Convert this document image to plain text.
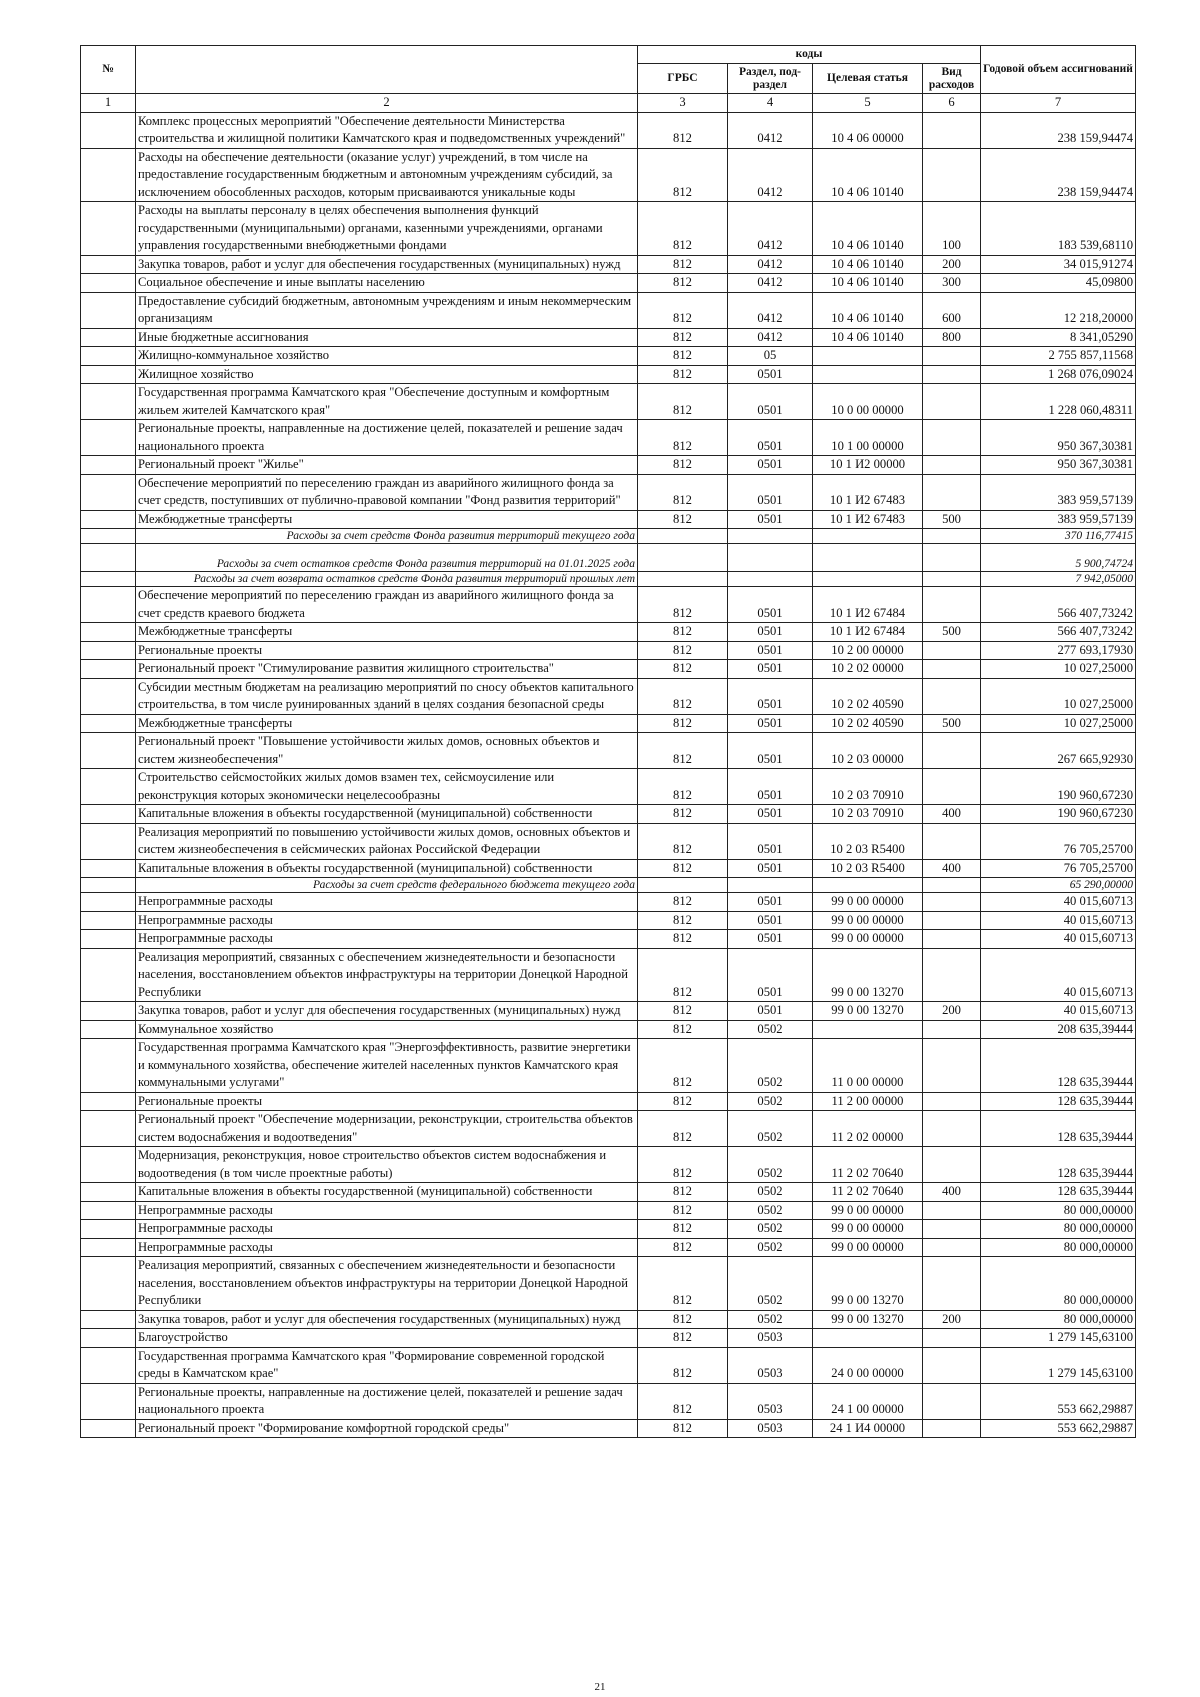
№		коды				Годовой объем ассигнований
		ГРБС	Раздел, под-раздел	Целевая статья	Вид расходов	
1	2	3	4	5	6	7
	Комплекс процессных мероприятий "Обеспечение деятельности Министерства строительства и жилищной политики Камчатского края и подведомственных учреждений"	812	0412	10 4 06 00000		238 159,94474
	Расходы на обеспечение деятельности (оказание услуг) учреждений, в том числе на предоставление государственным бюджетным и автономным учреждениям субсидий, за исключением обособленных расходов, которым присваиваются уникальные коды	812	0412	10 4 06 10140		238 159,94474
	Расходы на выплаты персоналу в целях обеспечения выполнения функций государственными (муниципальными) органами, казенными учреждениями, органами управления государственными внебюджетными фондами	812	0412	10 4 06 10140	100	183 539,68110
	Закупка товаров, работ и услуг для обеспечения государственных (муниципальных) нужд	812	0412	10 4 06 10140	200	34 015,91274
	Социальное обеспечение и иные выплаты населению	812	0412	10 4 06 10140	300	45,09800
	Предоставление субсидий бюджетным, автономным учреждениям и иным некоммерческим организациям	812	0412	10 4 06 10140	600	12 218,20000
	Иные бюджетные ассигнования	812	0412	10 4 06 10140	800	8 341,05290
	Жилищно-коммунальное хозяйство	812	05			2 755 857,11568
	Жилищное хозяйство	812	0501			1 268 076,09024
	Государственная программа Камчатского края "Обеспечение доступным и комфортным жильем жителей Камчатского края"	812	0501	10 0 00 00000		1 228 060,48311
	Региональные проекты, направленные на достижение целей, показателей и решение задач национального проекта	812	0501	10 1 00 00000		950 367,30381
	Региональный проект "Жилье"	812	0501	10 1 И2 00000		950 367,30381
	Обеспечение мероприятий по переселению граждан из аварийного жилищного фонда за счет средств, поступивших от публично-правовой компании "Фонд развития территорий"	812	0501	10 1 И2 67483		383 959,57139
	Межбюджетные трансферты	812	0501	10 1 И2 67483	500	383 959,57139
	Расходы за счет средств Фонда развития территорий текущего года					370 116,77415
	Расходы за счет остатков средств Фонда развития территорий на 01.01.2025 года					5 900,74724
	Расходы за счет возврата остатков средств Фонда развития территорий прошлых лет					7 942,05000
	Обеспечение мероприятий по переселению граждан из аварийного жилищного фонда за счет средств краевого бюджета	812	0501	10 1 И2 67484		566 407,73242
	Межбюджетные трансферты	812	0501	10 1 И2 67484	500	566 407,73242
	Региональные проекты	812	0501	10 2 00 00000		277 693,17930
	Региональный проект "Стимулирование развития жилищного строительства"	812	0501	10 2 02 00000		10 027,25000
	Субсидии местным бюджетам на реализацию мероприятий по сносу объектов капитального строительства, в том числе руинированных зданий в целях создания безопасной среды	812	0501	10 2 02 40590		10 027,25000
	Межбюджетные трансферты	812	0501	10 2 02 40590	500	10 027,25000
	Региональный проект "Повышение устойчивости жилых домов, основных объектов и систем жизнеобеспечения"	812	0501	10 2 03 00000		267 665,92930
	Строительство сейсмостойких жилых домов взамен тех, сейсмоусиление или реконструкция которых экономически нецелесообразны	812	0501	10 2 03 70910		190 960,67230
	Капитальные вложения в объекты государственной (муниципальной) собственности	812	0501	10 2 03 70910	400	190 960,67230
	Реализация мероприятий по повышению устойчивости жилых домов, основных объектов и систем жизнеобеспечения в сейсмических районах Российской Федерации	812	0501	10 2 03 R5400		76 705,25700
	Капитальные вложения в объекты государственной (муниципальной) собственности	812	0501	10 2 03 R5400	400	76 705,25700
	Расходы за счет средств федерального бюджета текущего года					65 290,00000
	Непрограммные расходы	812	0501	99 0 00 00000		40 015,60713
	Непрограммные расходы	812	0501	99 0 00 00000		40 015,60713
	Непрограммные расходы	812	0501	99 0 00 00000		40 015,60713
	Реализация мероприятий, связанных с обеспечением жизнедеятельности и безопасности населения, восстановлением объектов инфраструктуры на территории Донецкой Народной Республики	812	0501	99 0 00 13270		40 015,60713
	Закупка товаров, работ и услуг для обеспечения государственных (муниципальных) нужд	812	0501	99 0 00 13270	200	40 015,60713
	Коммунальное хозяйство	812	0502			208 635,39444
	Государственная программа Камчатского края "Энергоэффективность, развитие энергетики и коммунального хозяйства, обеспечение жителей населенных пунктов Камчатского края коммунальными услугами"	812	0502	11 0 00 00000		128 635,39444
	Региональные проекты	812	0502	11 2 00 00000		128 635,39444
	Региональный проект "Обеспечение модернизации, реконструкции, строительства объектов систем водоснабжения и водоотведения"	812	0502	11 2 02 00000		128 635,39444
	Модернизация, реконструкция, новое строительство объектов систем водоснабжения и водоотведения (в том числе проектные работы)	812	0502	11 2 02 70640		128 635,39444
	Капитальные вложения в объекты государственной (муниципальной) собственности	812	0502	11 2 02 70640	400	128 635,39444
	Непрограммные расходы	812	0502	99 0 00 00000		80 000,00000
	Непрограммные расходы	812	0502	99 0 00 00000		80 000,00000
	Непрограммные расходы	812	0502	99 0 00 00000		80 000,00000
	Реализация мероприятий, связанных с обеспечением жизнедеятельности и безопасности населения, восстановлением объектов инфраструктуры на территории Донецкой Народной Республики	812	0502	99 0 00 13270		80 000,00000
	Закупка товаров, работ и услуг для обеспечения государственных (муниципальных) нужд	812	0502	99 0 00 13270	200	80 000,00000
	Благоустройство	812	0503			1 279 145,63100
	Государственная программа Камчатского края "Формирование современной городской среды в Камчатском крае"	812	0503	24 0 00 00000		1 279 145,63100
	Региональные проекты, направленные на достижение целей, показателей и решение задач национального проекта	812	0503	24 1 00 00000		553 662,29887
	Региональный проект "Формирование комфортной городской среды"	812	0503	24 1 И4 00000		553 662,29887
21
